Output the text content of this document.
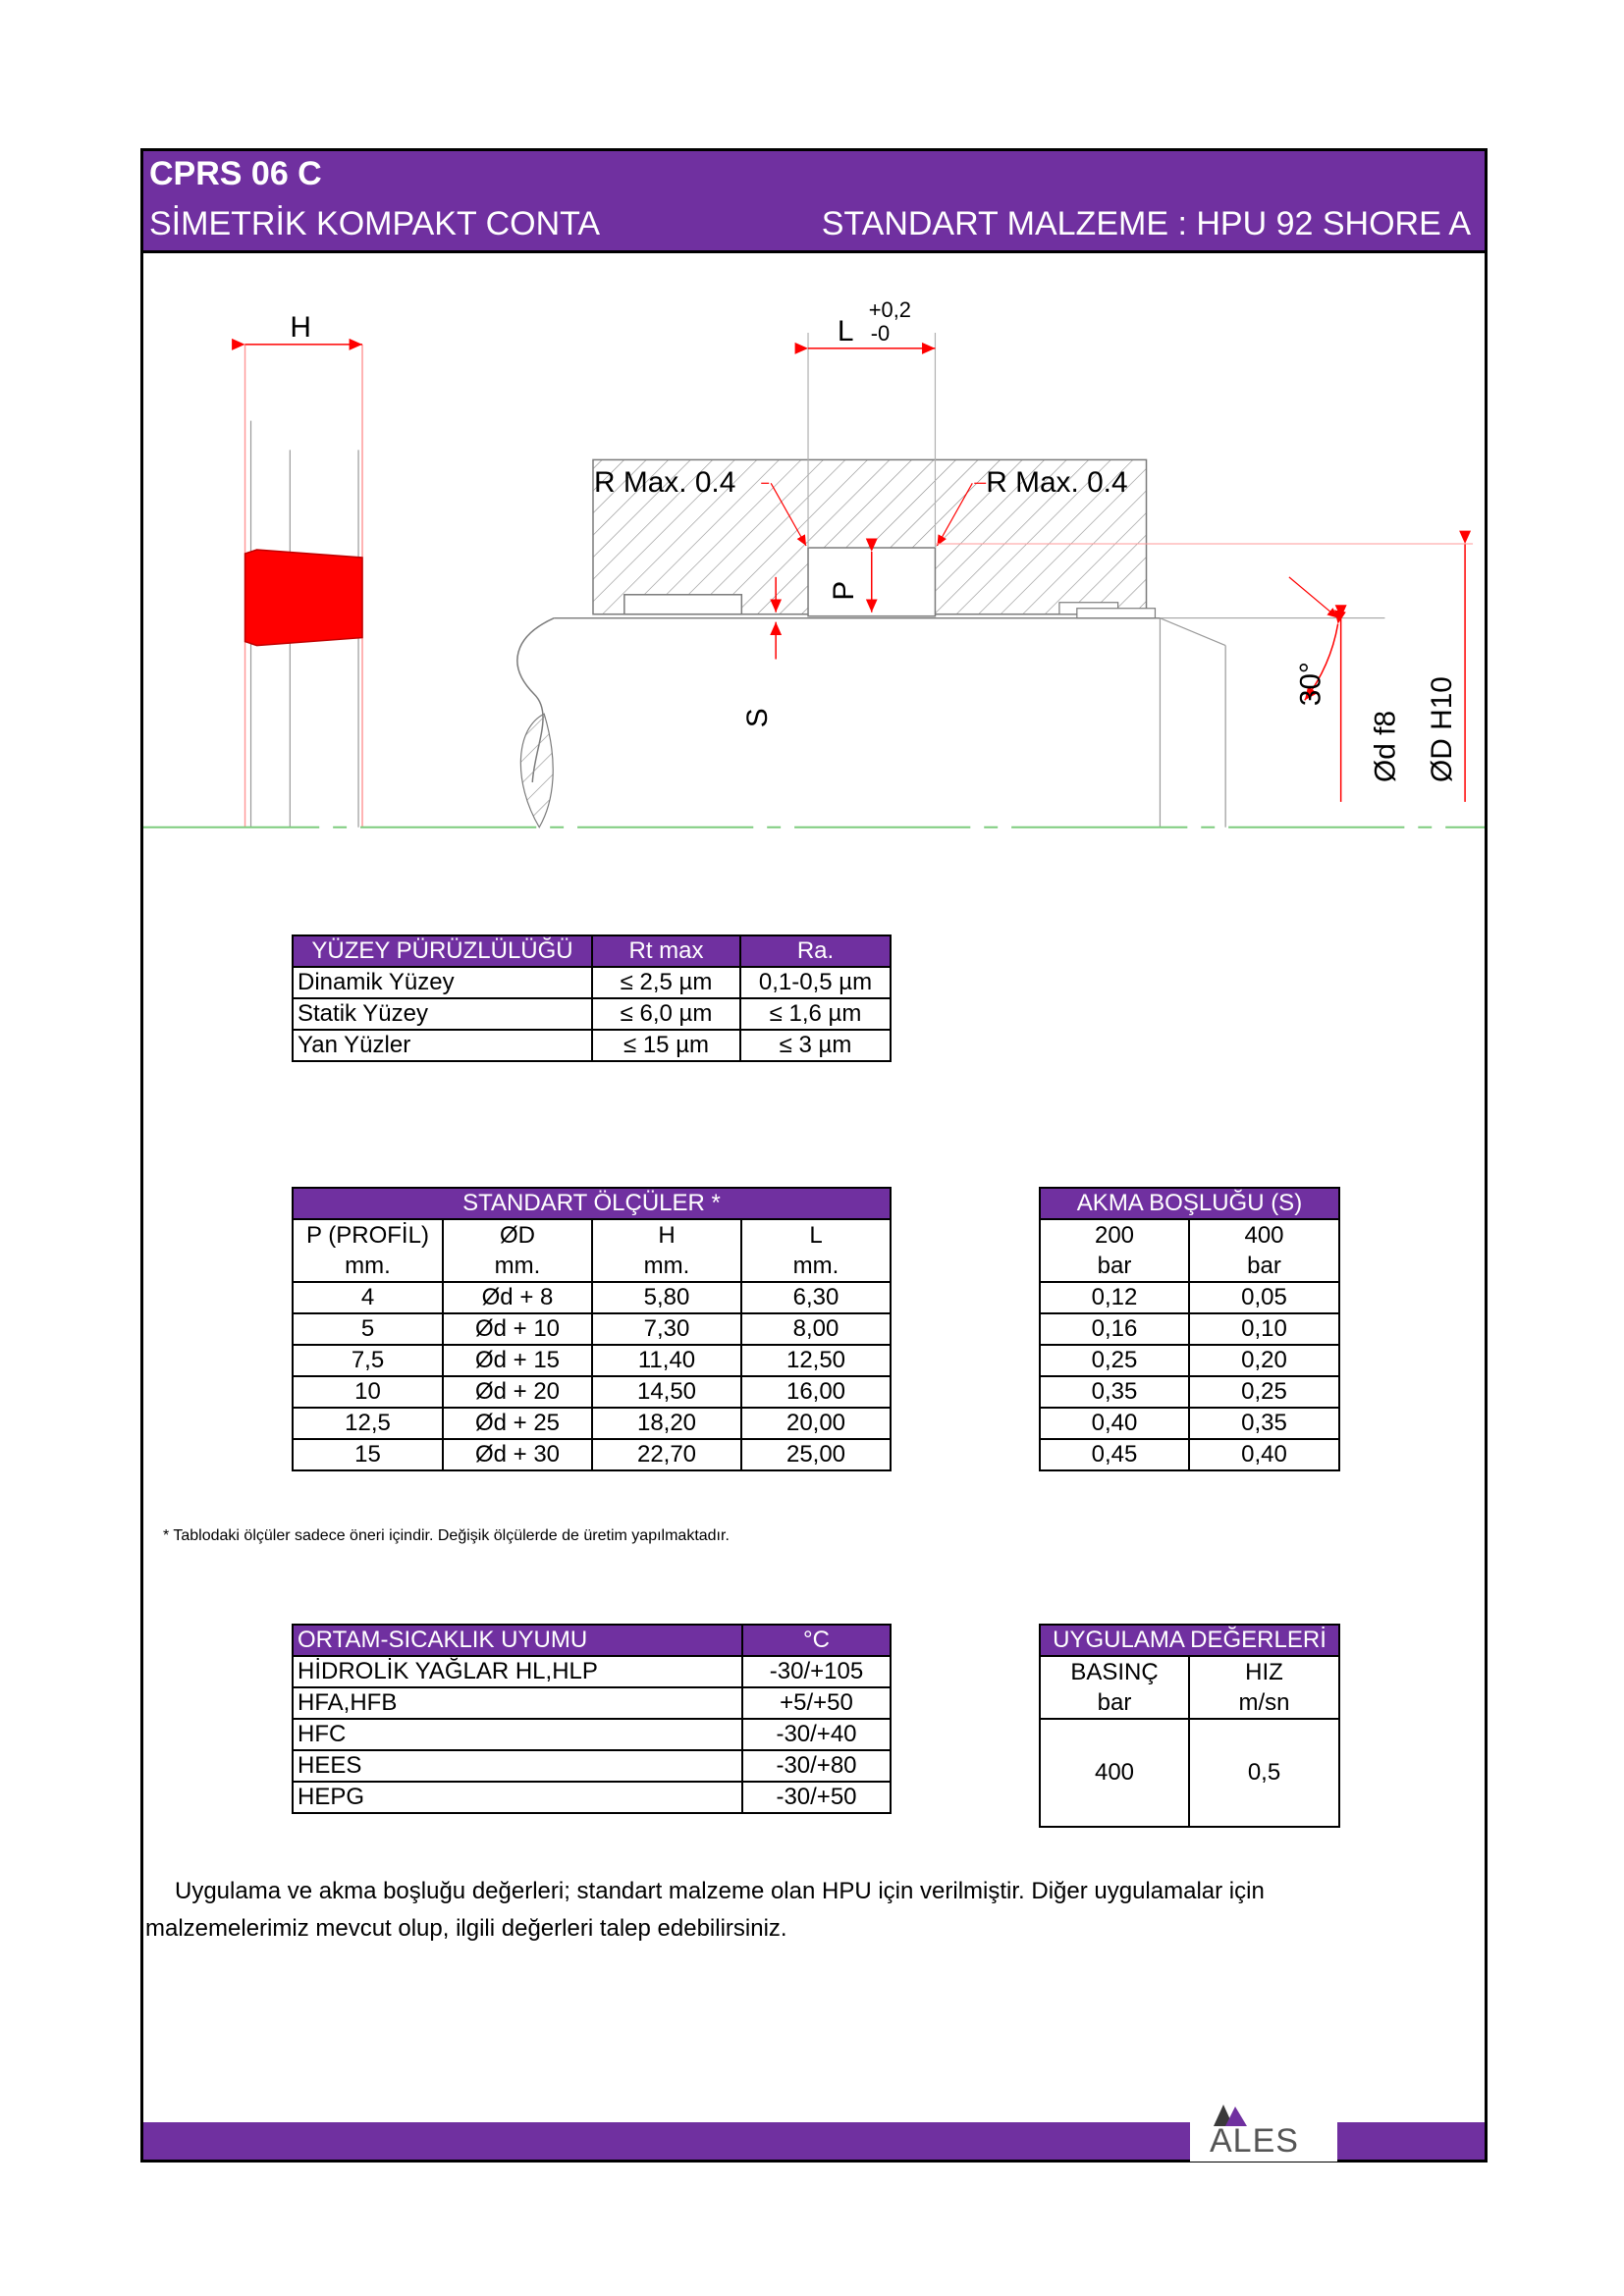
CPRS 06 C
SİMETRİK KOMPAKT CONTA	STANDART MALZEME : HPU 92 SHORE A
H	L
+0,2
-0
R Max. 0.4	R Max. 0.4
P
S
30°
Ød f8 ØD H10
YÜZEY PÜRÜZLÜLÜĞÜ	Rt max	Ra.
Dinamik Yüzey	≤ 2,5 µm	0,1-0,5 µm
Statik Yüzey	≤ 6,0 µm	≤ 1,6 µm
Yan Yüzler	≤ 15 µm	≤ 3 µm
STANDART ÖLÇÜLER *			
P (PROFİL)	ØD	H	L
mm.	mm.	mm.	mm.
4	Ød + 8	5,80	6,30
5	Ød + 10	7,30	8,00
7,5	Ød + 15	11,40	12,50
10	Ød + 20	14,50	16,00
12,5	Ød + 25	18,20	20,00
15	Ød + 30	22,70	25,00
AKMA BOŞLUĞU (S)	
200	400
bar	bar
0,12	0,05
0,16	0,10
0,25	0,20
0,35	0,25
0,40	0,35
0,45	0,40
* Tablodaki ölçüler sadece öneri içindir. Değişik ölçülerde de üretim yapılmaktadır.
ORTAM-SICAKLIK UYUMU	°C
HİDROLİK YAĞLAR HL,HLP	-30/+105
HFA,HFB	+5/+50
HFC	-30/+40
HEES	-30/+80
HEPG	-30/+50
UYGULAMA DEĞERLERİ	
BASINÇ	HIZ
bar	m/sn
400	0,5
ALES
Uygulama ve akma boşluğu değerleri; standart malzeme olan HPU için verilmiştir. Diğer uygulamalar için malzemelerimiz mevcut olup, ilgili değerleri talep edebilirsiniz.
